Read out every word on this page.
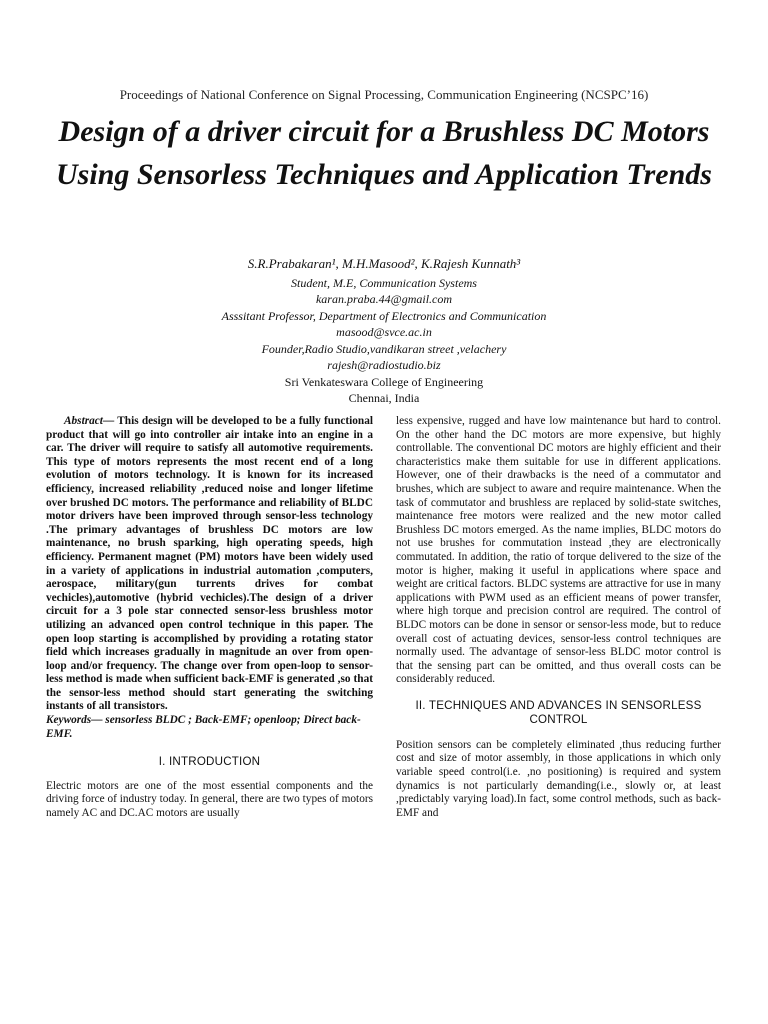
Proceedings of National Conference on Signal Processing, Communication Engineering (NCSPC’16)
Design of a driver circuit for a Brushless DC Motors Using Sensorless Techniques and Application Trends
S.R.Prabakaran¹, M.H.Masood², K.Rajesh Kunnath³
Student, M.E, Communication Systems
karan.praba.44@gmail.com
Asssitant Professor, Department of Electronics and Communication
masood@svce.ac.in
Founder,Radio Studio,vandikaran street ,velachery
rajesh@radiostudio.biz
Sri Venkateswara College of Engineering
Chennai, India

Abstract— This design will be developed to be a fully functional product that will go into controller air intake into an engine in a car. The driver will require to satisfy all automotive requirements. This type of motors represents the most recent end of a long evolution of motors technology. It is known for its increased efficiency, increased reliability ,reduced noise and longer lifetime over brushed DC motors. The performance and reliability of BLDC motor drivers have been improved through sensor-less technology .The primary advantages of brushless DC motors are low maintenance, no brush sparking, high operating speeds, high efficiency. Permanent magnet (PM) motors have been widely used in a variety of applications in industrial automation ,computers, aerospace, military(gun turrents drives for combat vechicles),automotive (hybrid vechicles).The design of a driver circuit for a 3 pole star connected sensor-less brushless motor utilizing an advanced open control technique in this paper. The open loop starting is accomplished by providing a rotating stator field which increases gradually in magnitude an over from open-loop and/or frequency. The change over from open-loop to sensor-less method is made when sufficient back-EMF is generated ,so that the sensor-less method should start generating the switching instants of all transistors.

Keywords— sensorless BLDC ; Back-EMF; openloop; Direct back-EMF.

I. INTRODUCTION

Electric motors are one of the most essential components and the driving force of industry today. In general, there are two types of motors namely AC and DC.AC motors are usually

less expensive, rugged and have low maintenance but hard to control. On the other hand the DC motors are more expensive, but highly controllable. The conventional DC motors are highly efficient and their characteristics make them suitable for use in different applications. However, one of their drawbacks is the need of a commutator and brushes, which are subject to aware and require maintenance. When the task of commutator and brushless are replaced by solid-state switches, maintenance free motors were realized and the new motor called Brushless DC motors emerged. As the name implies, BLDC motors do not use brushes for commutation instead ,they are electronically commutated. In addition, the ratio of torque delivered to the size of the motor is higher, making it useful in applications where space and weight are critical factors. BLDC systems are attractive for use in many applications with PWM used as an efficient means of power transfer, where high torque and precision control are required. The control of BLDC motors can be done in sensor or sensor-less mode, but to reduce overall cost of actuating devices, sensor-less control techniques are normally used. The advantage of sensor-less BLDC motor control is that the sensing part can be omitted, and thus overall costs can be considerably reduced.

II. TECHNIQUES AND ADVANCES IN SENSORLESS CONTROL

Position sensors can be completely eliminated ,thus reducing further cost and size of motor assembly, in those applications in which only variable speed control(i.e. ,no positioning) is required and system dynamics is not particularly demanding(i.e., slowly or, at least ,predictably varying load).In fact, some control methods, such as back-EMF and
